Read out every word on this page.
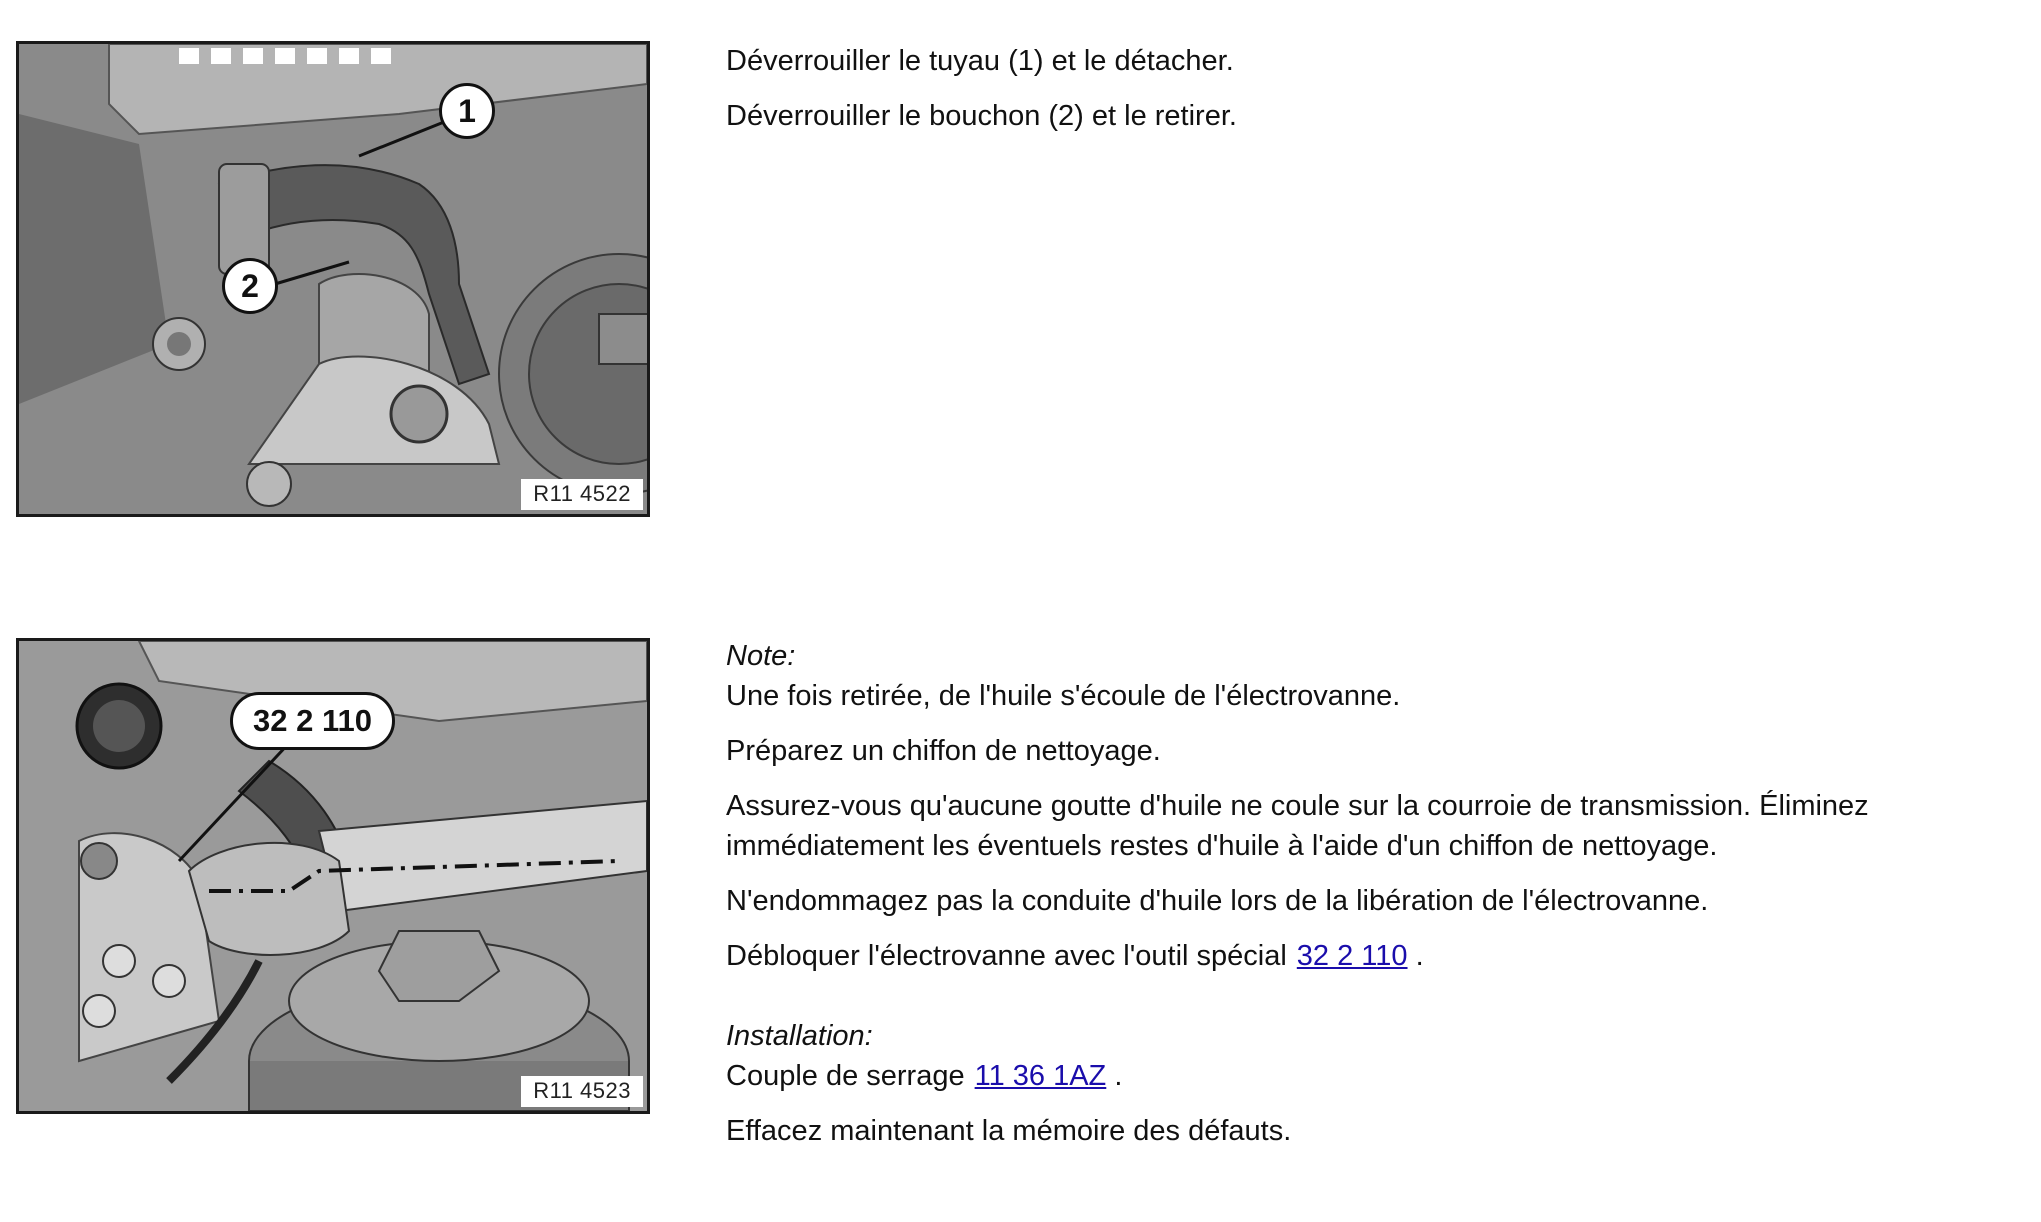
1
2
R11 4522

Déverrouiller le tuyau (1) et le détacher.

Déverrouiller le bouchon (2) et le retirer.

32 2 110
R11 4523

Note:

Une fois retirée, de l'huile s'écoule de l'électrovanne.

Préparez un chiffon de nettoyage.

Assurez-vous qu'aucune goutte d'huile ne coule sur la courroie de transmission. Éliminez immédiatement les éventuels restes d'huile à l'aide d'un chiffon de nettoyage.

N'endommagez pas la conduite d'huile lors de la libération de l'électrovanne.

Débloquer l'électrovanne avec l'outil spécial 32 2 110 .

Installation:

Couple de serrage 11 36 1AZ .

Effacez maintenant la mémoire des défauts.
